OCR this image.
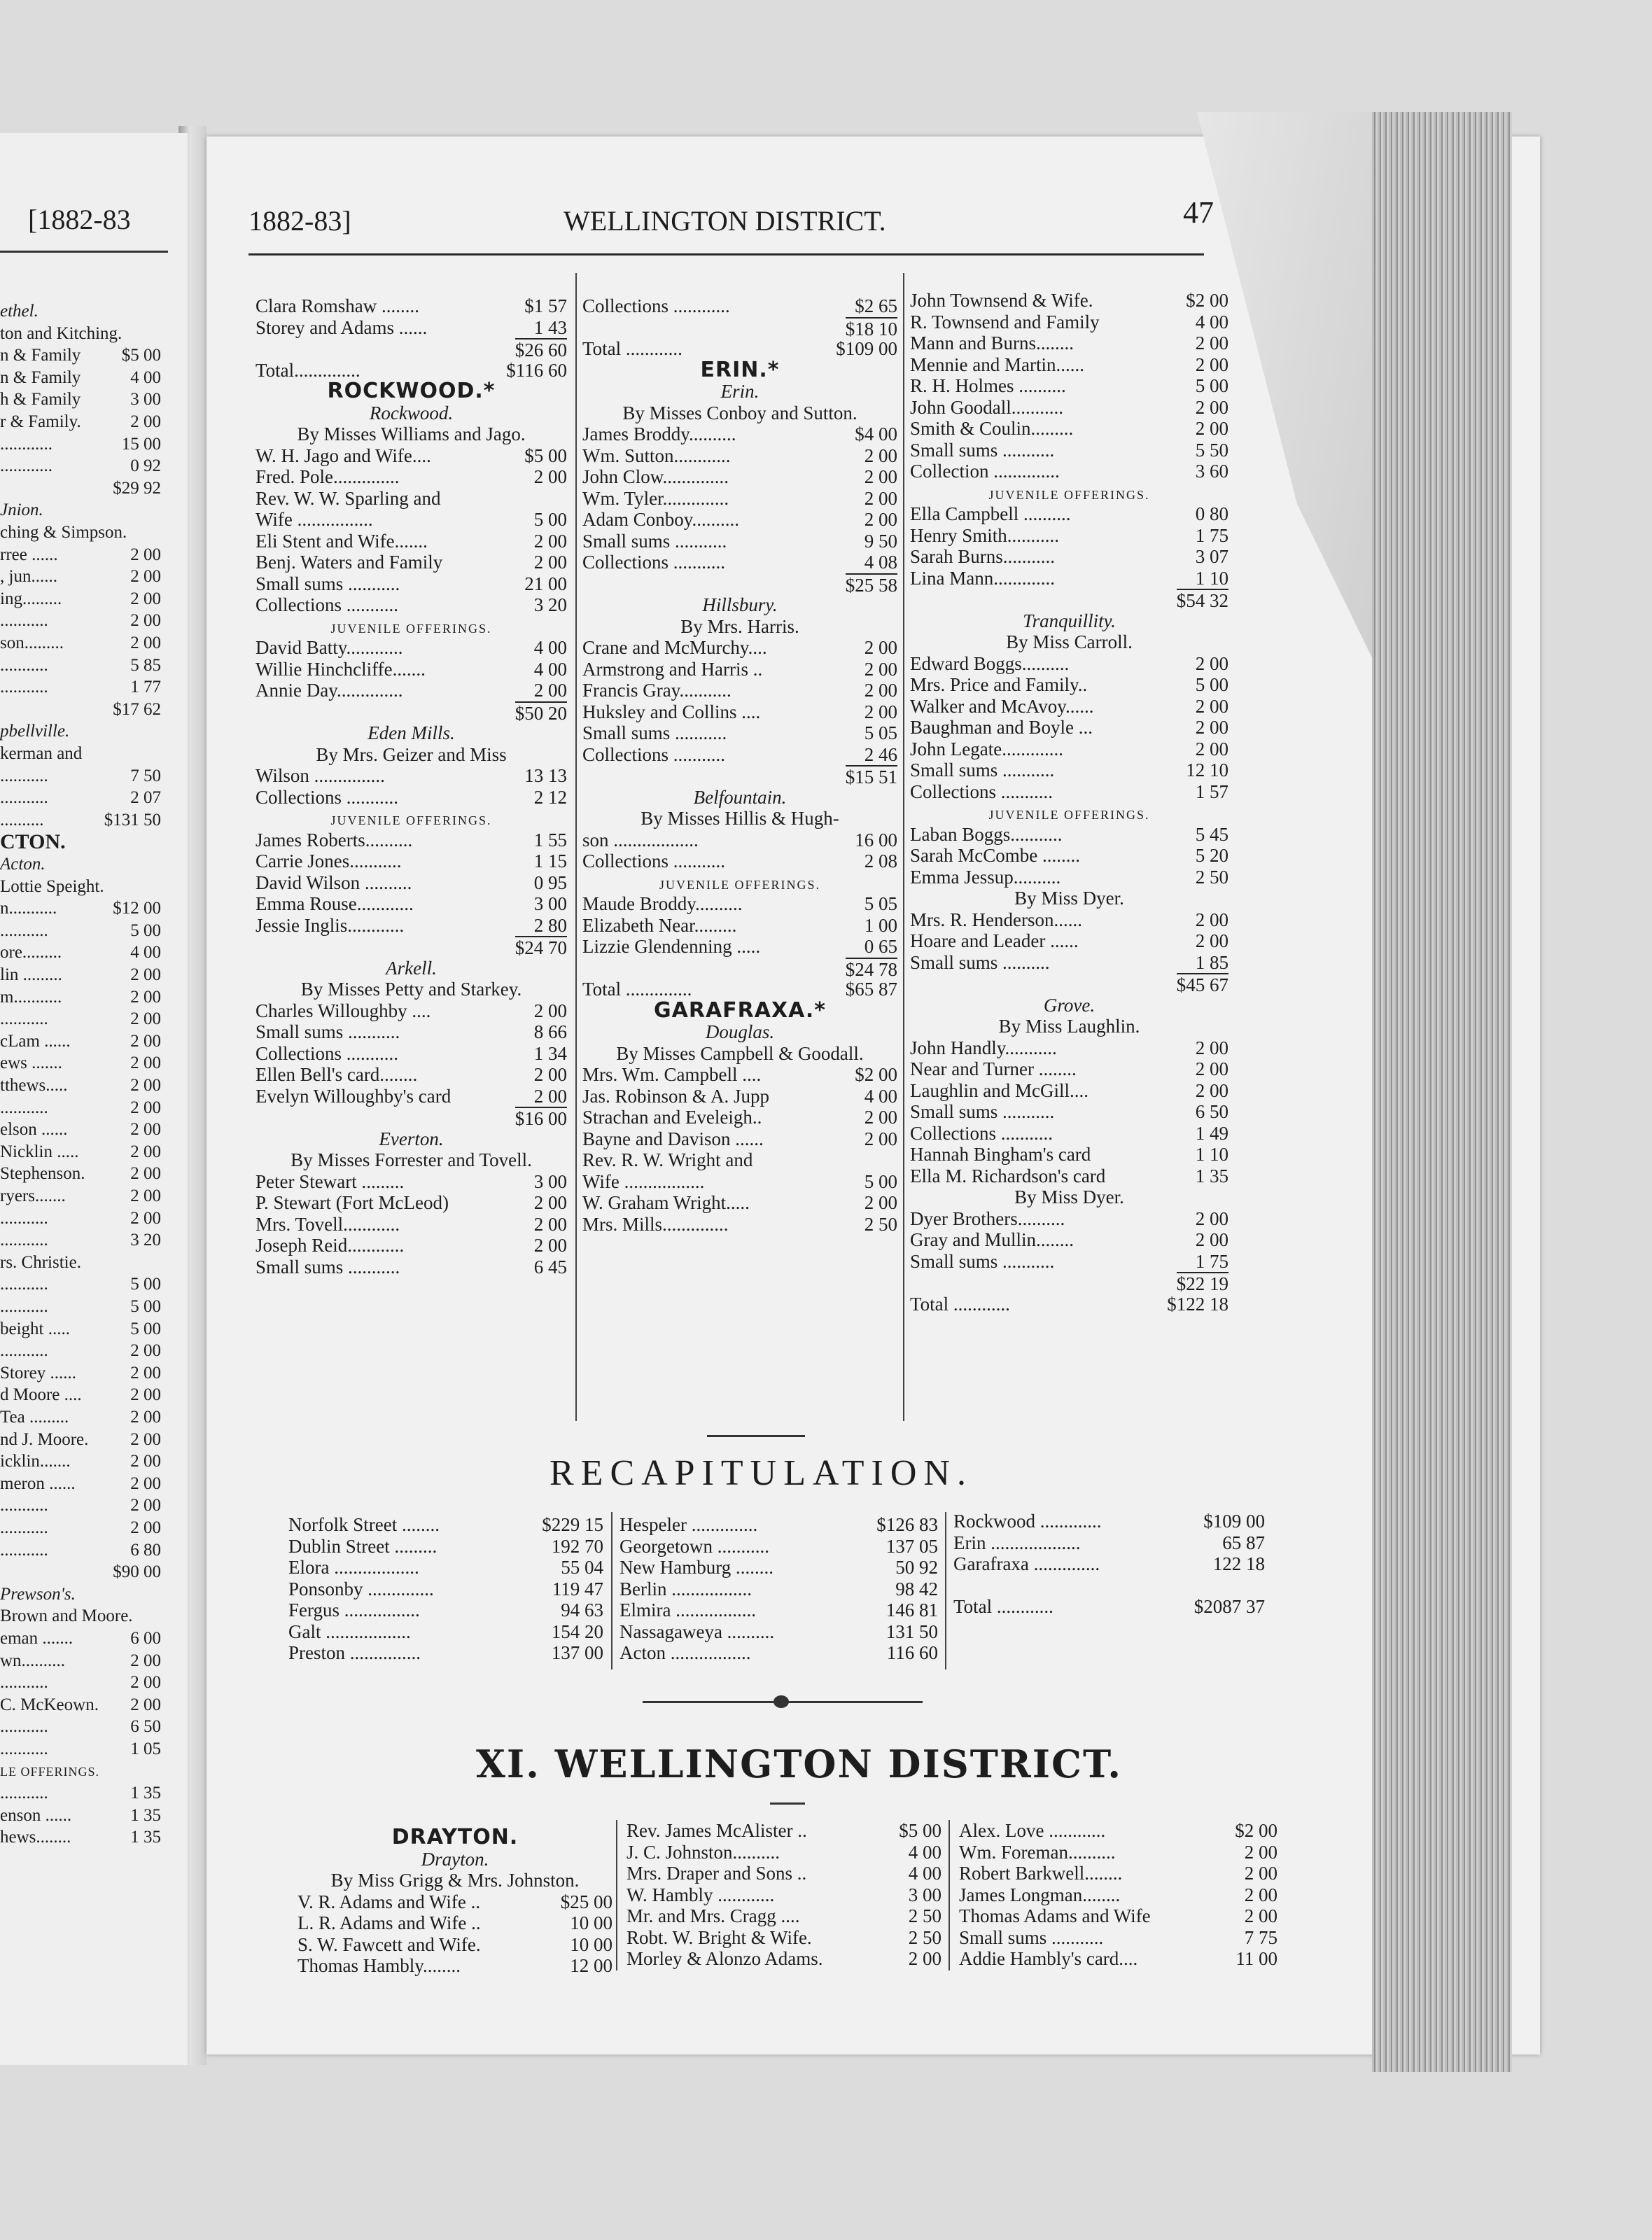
[1882-83
ethel.
ton and Kitching.
n & Family $5 00
n & Family	4 00
h & Family	3 00
r & Family.	2 00
............	15 00
............	0 92
$29 92
Jnion.
ching & Simpson.
rree ......	2 00
, jun......	2 00
ing.........	2 00
...........	2 00
son.........	2 00
...........	5 85
...........	1 77
$17 62
pbellville.
kerman and
...........	7 50
...........	2 07
..........	$131 50
CTON.
Acton.
Lottie Speight.
n...........	$12 00
...........	5 00
ore.........	4 00
lin .........	2 00
m...........	2 00
...........	2 00
cLam ......	2 00
ews .......	2 00
tthews.....	2 00
...........	2 00
elson ......	2 00
Nicklin .....	2 00
Stephenson.	2 00
ryers.......	2 00
...........	2 00
...........	3 20
rs. Christie.
...........	5 00
...........	5 00
beight .....	5 00
...........	2 00
Storey ......	2 00
d Moore ....	2 00
Tea .........	2 00
nd J. Moore. 2 00
icklin.......	2 00
meron ......	2 00
...........	2 00
...........	2 00
...........	6 80
$90 00
Prewson's.
Brown and Moore.
eman .......	6 00
wn..........	2 00
...........	2 00
C. McKeown. 2 00
...........	6 50
...........	1 05
LE OFFERINGS.
...........	1 35
enson ......	1 35
hews........	1 35
1882-83]	WELLINGTON DISTRICT.	47
Clara Romshaw ........	$1 57
Storey and Adams ......	1 43
$26 60
Total..............	$116 60
ROCKWOOD.*
Rockwood.
By Misses Williams and Jago.
W. H. Jago and Wife....	$5 00
Fred. Pole..............	2 00
Rev. W. W. Sparling and
Wife ................	5 00
Eli Stent and Wife.......	2 00
Benj. Waters and Family	2 00
Small sums ...........	21 00
Collections ...........	3 20
JUVENILE OFFERINGS.
David Batty............	4 00
Willie Hinchcliffe.......	4 00
Annie Day..............	2 00
$50 20
Eden Mills.
By Mrs. Geizer and Miss
Wilson ...............	13 13
Collections ...........	2 12
JUVENILE OFFERINGS.
James Roberts..........	1 55
Carrie Jones...........	1 15
David Wilson ..........	0 95
Emma Rouse............	3 00
Jessie Inglis............	2 80
$24 70
Arkell.
By Misses Petty and Starkey.
Charles Willoughby ....	2 00
Small sums ...........	8 66
Collections ...........	1 34
Ellen Bell's card........	2 00
Evelyn Willoughby's card	2 00
$16 00
Everton.
By Misses Forrester and Tovell.
Peter Stewart .........	3 00
P. Stewart (Fort McLeod)	2 00
Mrs. Tovell............	2 00
Joseph Reid............	2 00
Small sums ...........	6 45
Collections ............	$2 65
$18 10
Total ............	$109 00
ERIN.*
Erin.
By Misses Conboy and Sutton.
James Broddy..........	$4 00
Wm. Sutton............	2 00
John Clow..............	2 00
Wm. Tyler..............	2 00
Adam Conboy..........	2 00
Small sums ...........	9 50
Collections ...........	4 08
$25 58
Hillsbury.
By Mrs. Harris.
Crane and McMurchy....	2 00
Armstrong and Harris ..	2 00
Francis Gray...........	2 00
Huksley and Collins ....	2 00
Small sums ...........	5 05
Collections ...........	2 46
$15 51
Belfountain.
By Misses Hillis & Hugh-
son ..................	16 00
Collections ...........	2 08
JUVENILE OFFERINGS.
Maude Broddy..........	5 05
Elizabeth Near.........	1 00
Lizzie Glendenning .....	0 65
$24 78
Total ..............	$65 87
GARAFRAXA.*
Douglas.
By Misses Campbell & Goodall.
Mrs. Wm. Campbell ....	$2 00
Jas. Robinson & A. Jupp	4 00
Strachan and Eveleigh..	2 00
Bayne and Davison ......	2 00
Rev. R. W. Wright and
Wife .................	5 00
W. Graham Wright.....	2 00
Mrs. Mills..............	2 50
John Townsend & Wife.	$2 00
R. Townsend and Family	4 00
Mann and Burns........	2 00
Mennie and Martin......	2 00
R. H. Holmes ..........	5 00
John Goodall...........	2 00
Smith & Coulin.........	2 00
Small sums ...........	5 50
Collection ..............	3 60
JUVENILE OFFERINGS.
Ella Campbell ..........	0 80
Henry Smith...........	1 75
Sarah Burns...........	3 07
Lina Mann.............	1 10
$54 32
Tranquillity.
By Miss Carroll.
Edward Boggs..........	2 00
Mrs. Price and Family..	5 00
Walker and McAvoy......	2 00
Baughman and Boyle ...	2 00
John Legate.............	2 00
Small sums ...........	12 10
Collections ...........	1 57
JUVENILE OFFERINGS.
Laban Boggs...........	5 45
Sarah McCombe ........	5 20
Emma Jessup..........	2 50
By Miss Dyer.
Mrs. R. Henderson......	2 00
Hoare and Leader ......	2 00
Small sums ..........	1 85
$45 67
Grove.
By Miss Laughlin.
John Handly...........	2 00
Near and Turner ........	2 00
Laughlin and McGill....	2 00
Small sums ...........	6 50
Collections ...........	1 49
Hannah Bingham's card	1 10
Ella M. Richardson's card	1 35
By Miss Dyer.
Dyer Brothers..........	2 00
Gray and Mullin........	2 00
Small sums ...........	1 75
$22 19
Total ............	$122 18
RECAPITULATION.
Norfolk Street ........	$229 15
Dublin Street .........	192 70
Elora ..................	55 04
Ponsonby ..............	119 47
Fergus ................	94 63
Galt ..................	154 20
Preston ...............	137 00
Hespeler ..............	$126 83
Georgetown ...........	137 05
New Hamburg ........	50 92
Berlin .................	98 42
Elmira .................	146 81
Nassagaweya ..........	131 50
Acton .................	116 60
Rockwood .............	$109 00
Erin ...................	65 87
Garafraxa ..............	122 18
Total ............	$2087 37
XI. WELLINGTON DISTRICT.
DRAYTON.
Drayton.
By Miss Grigg & Mrs. Johnston.
V. R. Adams and Wife ..	$25 00
L. R. Adams and Wife ..	10 00
S. W. Fawcett and Wife.	10 00
Thomas Hambly........	12 00
Rev. James McAlister ..	$5 00
J. C. Johnston..........	4 00
Mrs. Draper and Sons ..	4 00
W. Hambly ............	3 00
Mr. and Mrs. Cragg ....	2 50
Robt. W. Bright & Wife.	2 50
Morley & Alonzo Adams.	2 00
Alex. Love ............	$2 00
Wm. Foreman..........	2 00
Robert Barkwell........	2 00
James Longman........	2 00
Thomas Adams and Wife	2 00
Small sums ...........	7 75
Addie Hambly's card....	11 00
